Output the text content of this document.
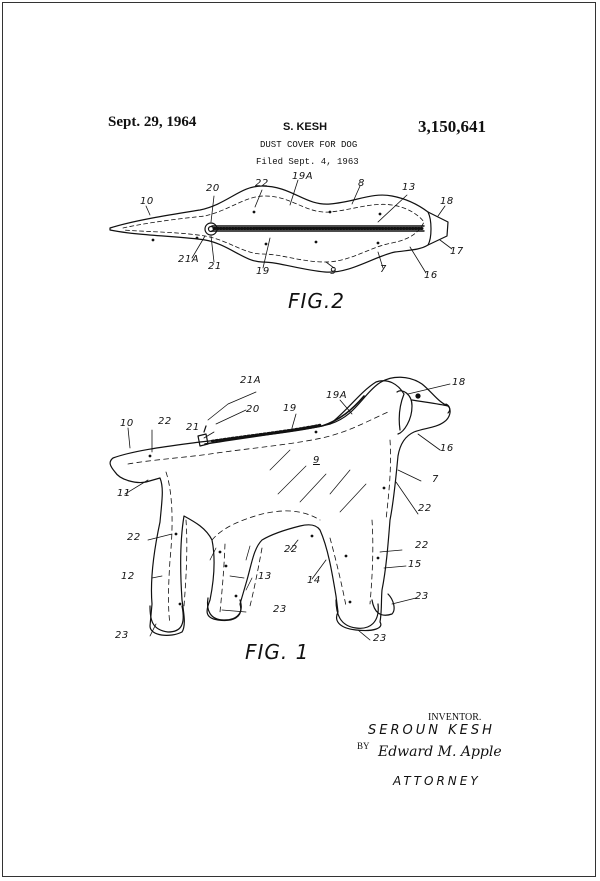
Sept. 29, 1964	S. KESH	3,150,641
DUST COVER FOR DOG
Filed Sept. 4, 1963
10
20	22
19A
8	13
18
21A
21	19	9	7
16
17
FIG.2
21A	18
10 22
21
20 19
19A
16
9
7
11
22
22
22	22
15
12	13	14
23
23
23	23
FIG. 1
INVENTOR.
SEROUN KESH
BY Edward M. Apple
ATTORNEY
